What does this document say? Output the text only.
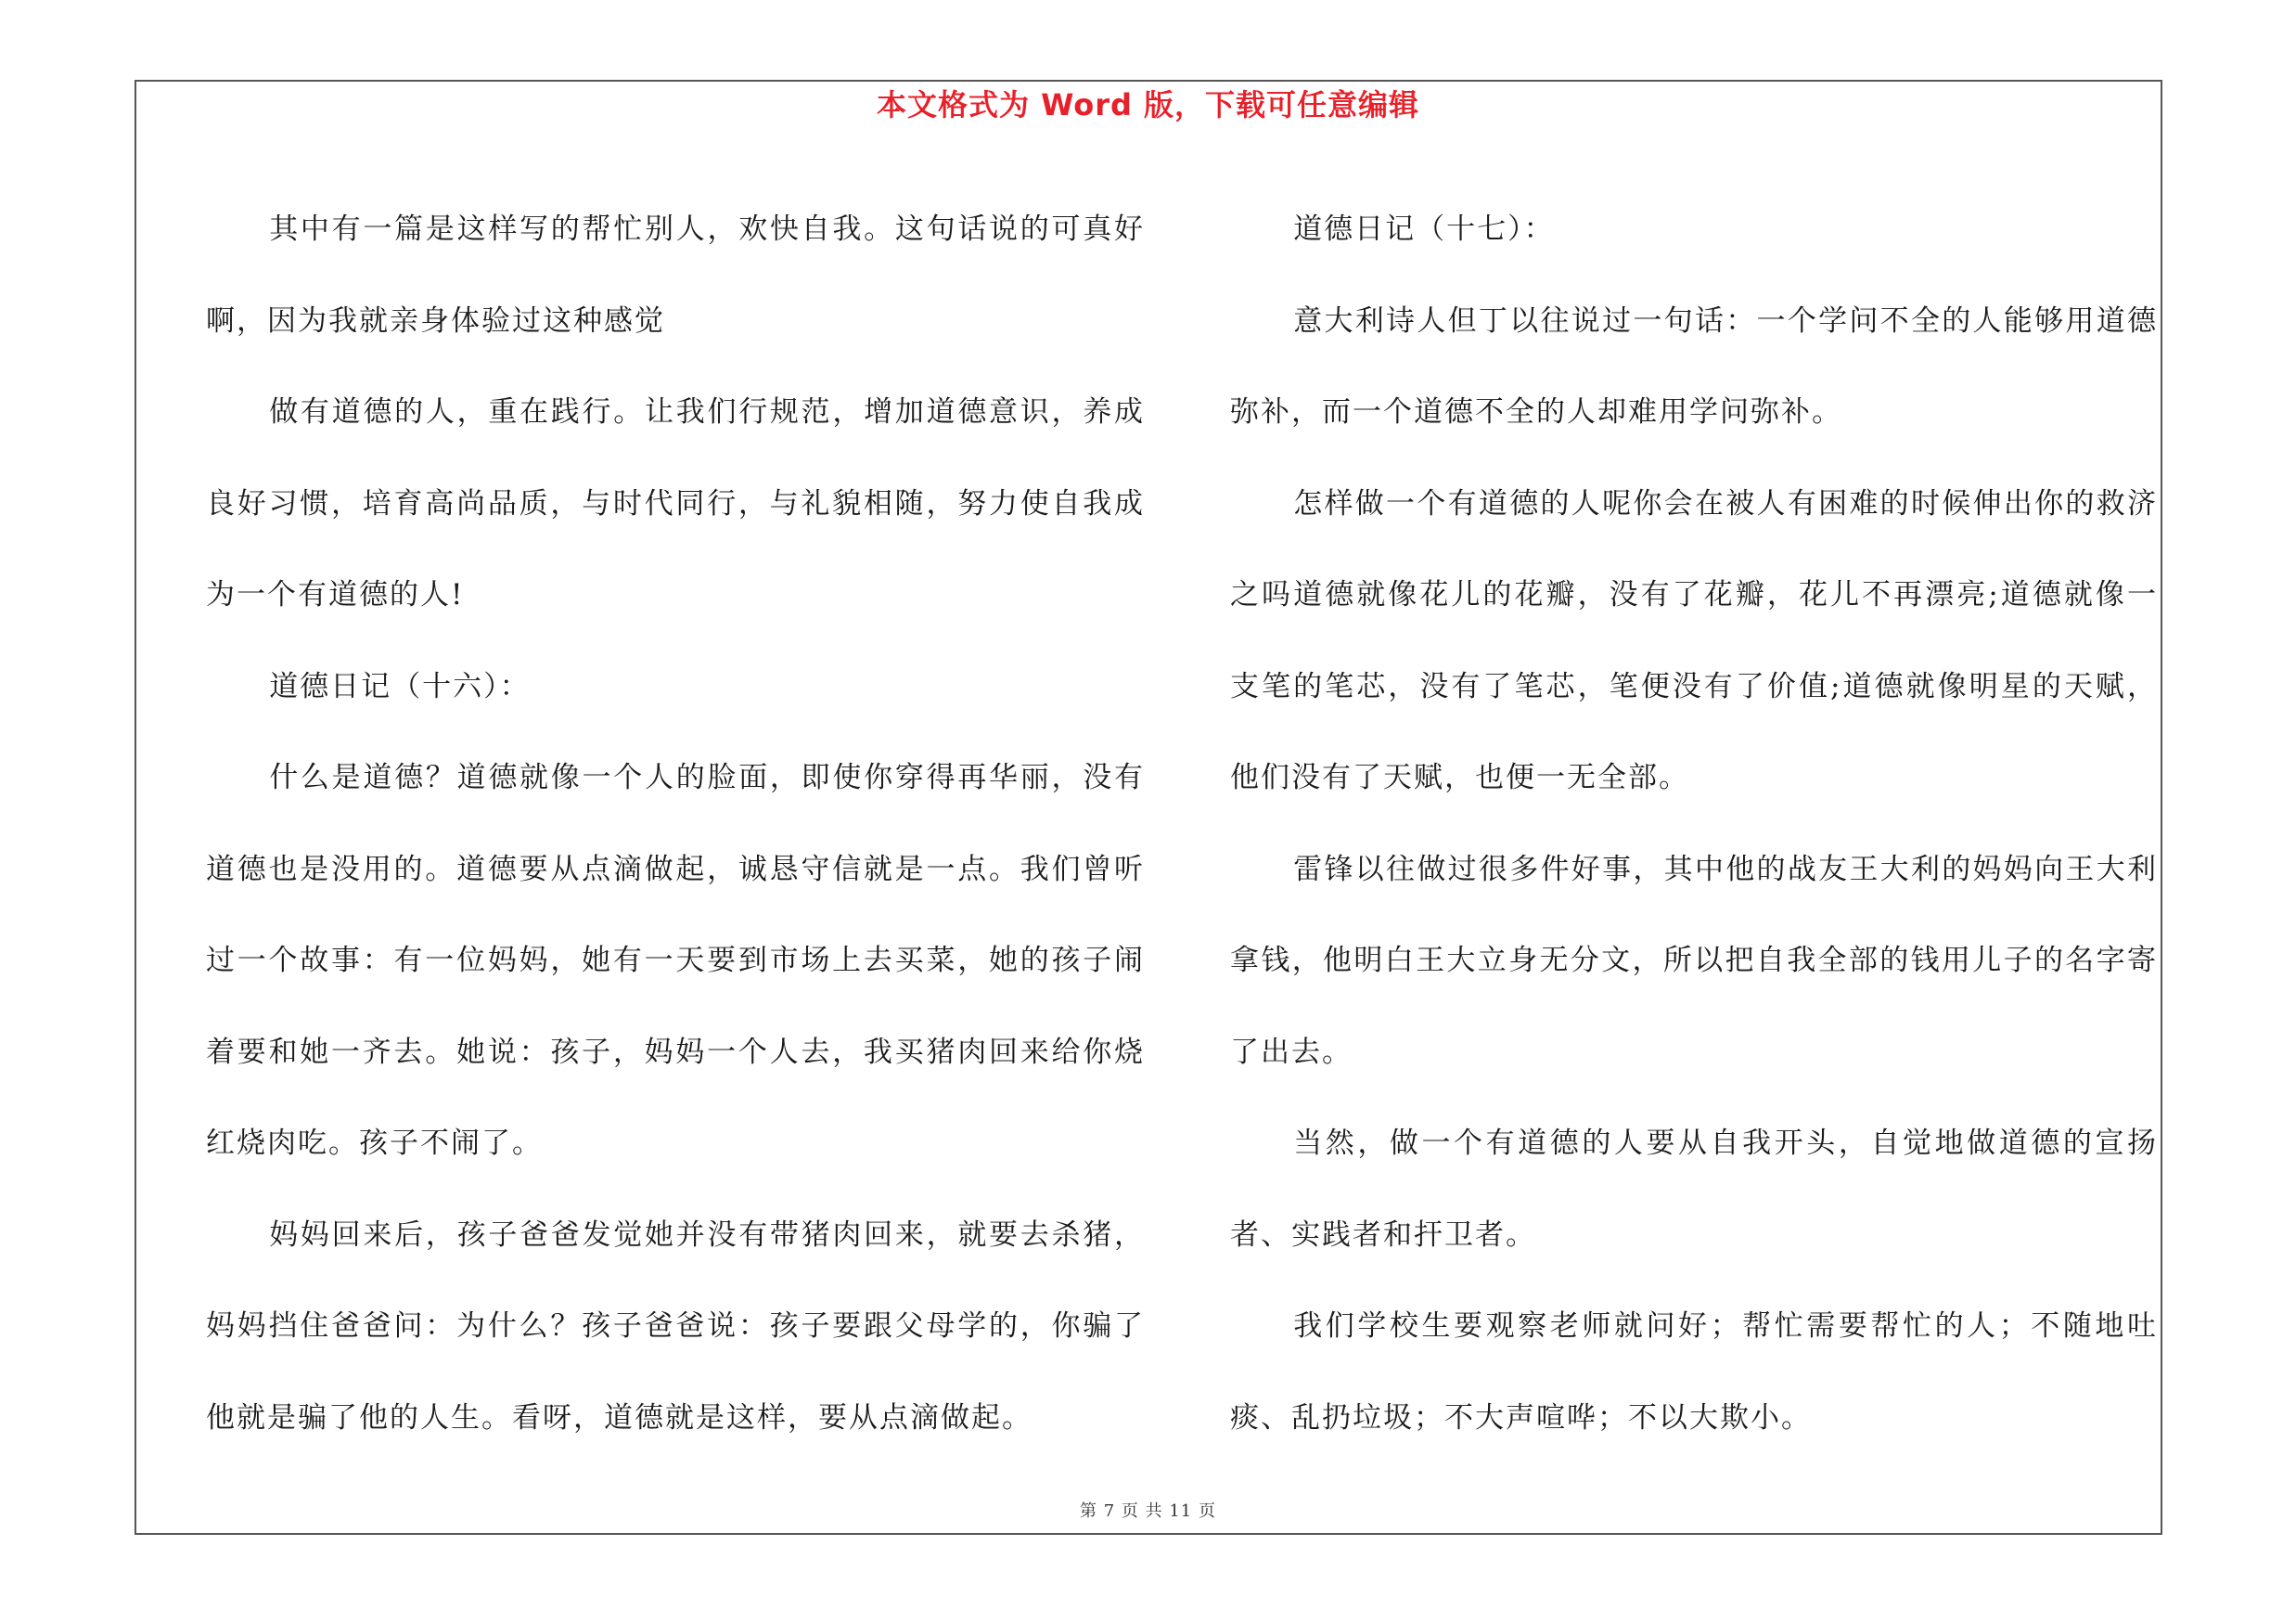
本文格式为 Word 版，下载可任意编辑

其中有一篇是这样写的帮忙别人，欢快自我。这句话说的可真好啊，因为我就亲身体验过这种感觉

做有道德的人，重在践行。让我们行规范，增加道德意识，养成良好习惯，培育高尚品质，与时代同行，与礼貌相随，努力使自我成为一个有道德的人!

道德日记（十六）：

什么是道德？道德就像一个人的脸面，即使你穿得再华丽，没有道德也是没用的。道德要从点滴做起，诚恳守信就是一点。我们曾听过一个故事：有一位妈妈，她有一天要到市场上去买菜，她的孩子闹着要和她一齐去。她说：孩子，妈妈一个人去，我买猪肉回来给你烧红烧肉吃。孩子不闹了。

妈妈回来后，孩子爸爸发觉她并没有带猪肉回来，就要去杀猪，妈妈挡住爸爸问：为什么？孩子爸爸说：孩子要跟父母学的，你骗了他就是骗了他的人生。看呀，道德就是这样，要从点滴做起。

道德日记（十七）：

意大利诗人但丁以往说过一句话：一个学问不全的人能够用道德弥补，而一个道德不全的人却难用学问弥补。

怎样做一个有道德的人呢你会在被人有困难的时候伸出你的救济之吗道德就像花儿的花瓣，没有了花瓣，花儿不再漂亮;道德就像一支笔的笔芯，没有了笔芯，笔便没有了价值;道德就像明星的天赋，他们没有了天赋，也便一无全部。

雷锋以往做过很多件好事，其中他的战友王大利的妈妈向王大利拿钱，他明白王大立身无分文，所以把自我全部的钱用儿子的名字寄了出去。

当然，做一个有道德的人要从自我开头，自觉地做道德的宣扬者、实践者和扞卫者。

我们学校生要观察老师就问好；帮忙需要帮忙的人；不随地吐痰、乱扔垃圾；不大声喧哗；不以大欺小。

第 7 页 共 11 页
